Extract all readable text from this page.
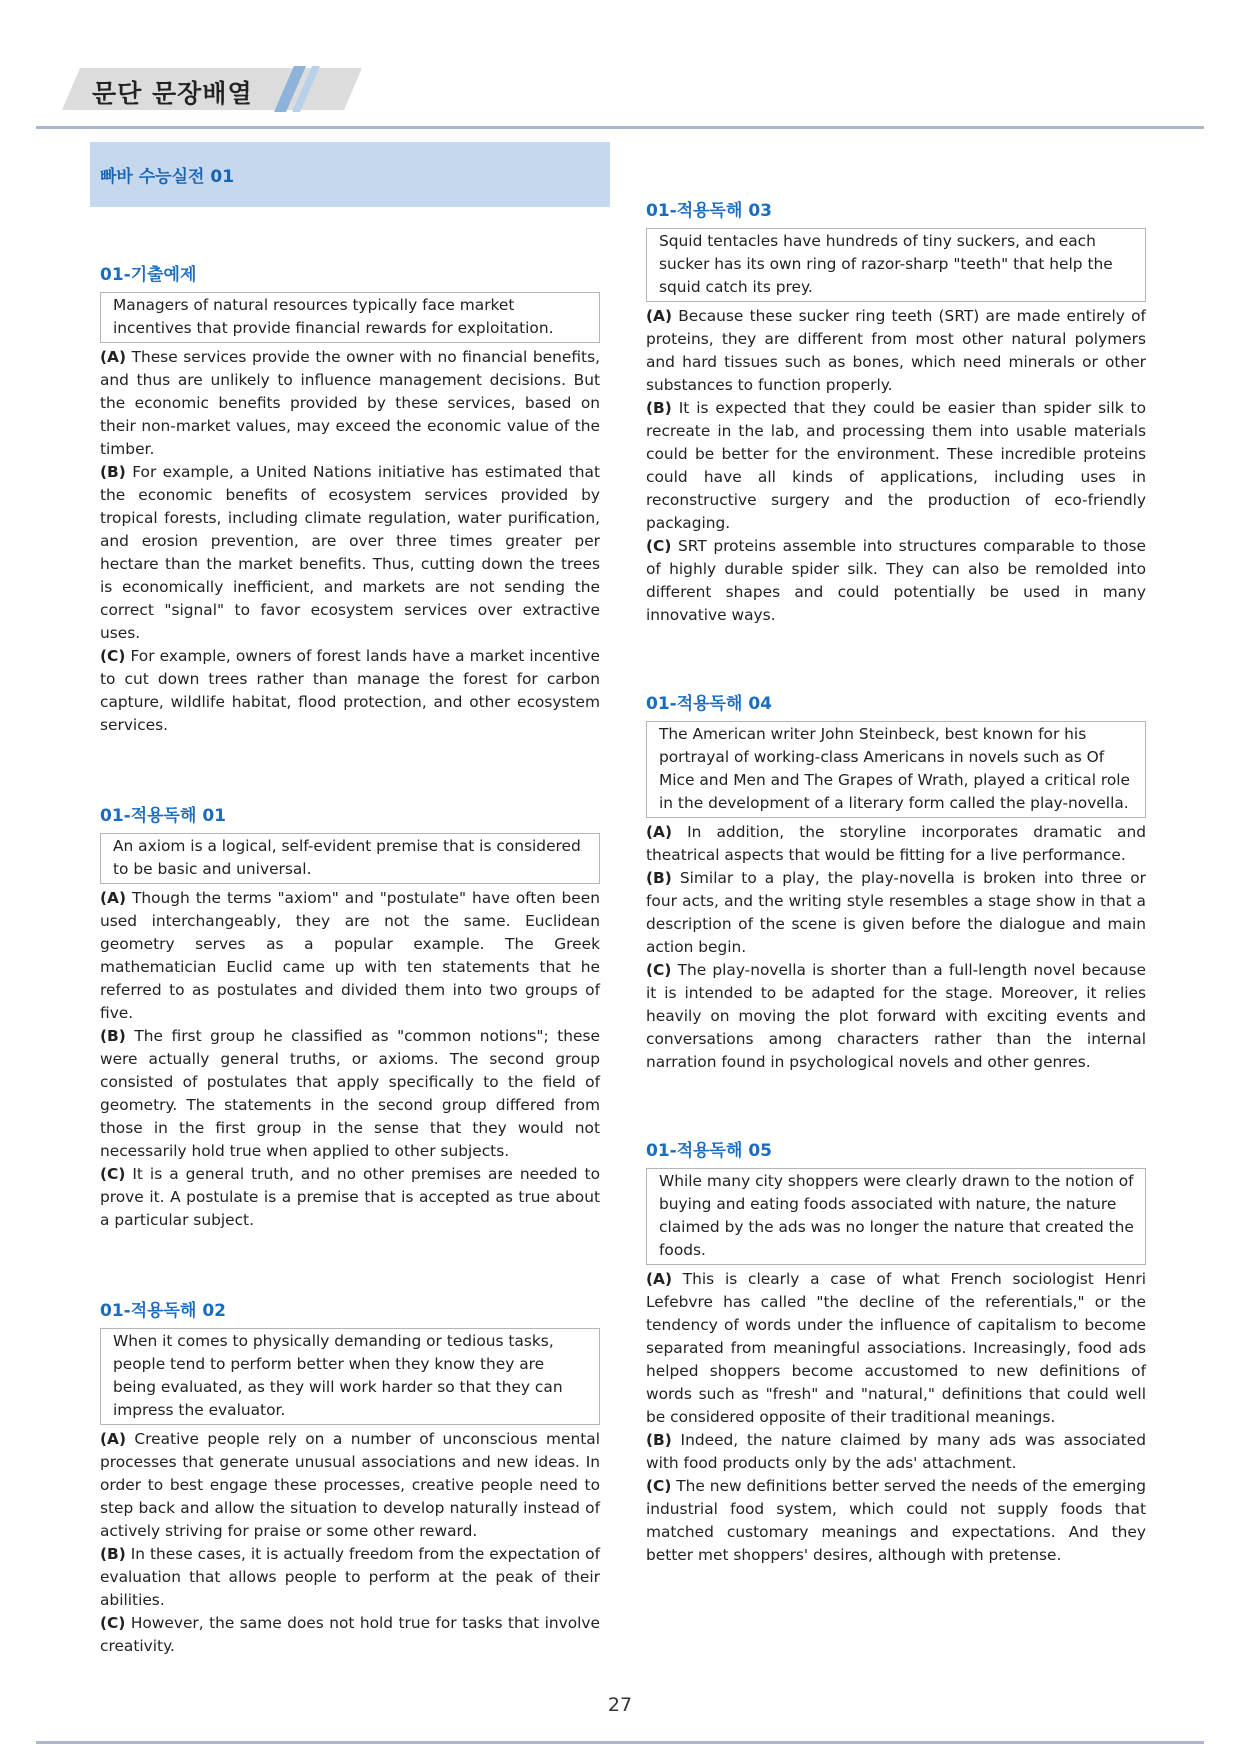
문단 문장배열
빠바 수능실전 01
01-기출예제
Managers of natural resources typically face market incentives that provide financial rewards for exploitation.
(A) These services provide the owner with no financial benefits, and thus are unlikely to influence management decisions. But the economic benefits provided by these services, based on their non-market values, may exceed the economic value of the timber.
(B) For example, a United Nations initiative has estimated that the economic benefits of ecosystem services provided by tropical forests, including climate regulation, water purification, and erosion prevention, are over three times greater per hectare than the market benefits. Thus, cutting down the trees is economically inefficient, and markets are not sending the correct "signal" to favor ecosystem services over extractive uses.
(C) For example, owners of forest lands have a market incentive to cut down trees rather than manage the forest for carbon capture, wildlife habitat, flood protection, and other ecosystem services.
01-적용독해 01
An axiom is a logical, self-evident premise that is considered to be basic and universal.
(A) Though the terms "axiom" and "postulate" have often been used interchangeably, they are not the same. Euclidean geometry serves as a popular example. The Greek mathematician Euclid came up with ten statements that he referred to as postulates and divided them into two groups of five.
(B) The first group he classified as "common notions"; these were actually general truths, or axioms. The second group consisted of postulates that apply specifically to the field of geometry. The statements in the second group differed from those in the first group in the sense that they would not necessarily hold true when applied to other subjects.
(C) It is a general truth, and no other premises are needed to prove it. A postulate is a premise that is accepted as true about a particular subject.
01-적용독해 02
When it comes to physically demanding or tedious tasks, people tend to perform better when they know they are being evaluated, as they will work harder so that they can impress the evaluator.
(A) Creative people rely on a number of unconscious mental processes that generate unusual associations and new ideas. In order to best engage these processes, creative people need to step back and allow the situation to develop naturally instead of actively striving for praise or some other reward.
(B) In these cases, it is actually freedom from the expectation of evaluation that allows people to perform at the peak of their abilities.
(C) However, the same does not hold true for tasks that involve creativity.
01-적용독해 03
Squid tentacles have hundreds of tiny suckers, and each sucker has its own ring of razor-sharp "teeth" that help the squid catch its prey.
(A) Because these sucker ring teeth (SRT) are made entirely of proteins, they are different from most other natural polymers and hard tissues such as bones, which need minerals or other substances to function properly.
(B) It is expected that they could be easier than spider silk to recreate in the lab, and processing them into usable materials could be better for the environment. These incredible proteins could have all kinds of applications, including uses in reconstructive surgery and the production of eco-friendly packaging.
(C) SRT proteins assemble into structures comparable to those of highly durable spider silk. They can also be remolded into different shapes and could potentially be used in many innovative ways.
01-적용독해 04
The American writer John Steinbeck, best known for his portrayal of working-class Americans in novels such as Of Mice and Men and The Grapes of Wrath, played a critical role in the development of a literary form called the play-novella.
(A) In addition, the storyline incorporates dramatic and theatrical aspects that would be fitting for a live performance.
(B) Similar to a play, the play-novella is broken into three or four acts, and the writing style resembles a stage show in that a description of the scene is given before the dialogue and main action begin.
(C) The play-novella is shorter than a full-length novel because it is intended to be adapted for the stage. Moreover, it relies heavily on moving the plot forward with exciting events and conversations among characters rather than the internal narration found in psychological novels and other genres.
01-적용독해 05
While many city shoppers were clearly drawn to the notion of buying and eating foods associated with nature, the nature claimed by the ads was no longer the nature that created the foods.
(A) This is clearly a case of what French sociologist Henri Lefebvre has called "the decline of the referentials," or the tendency of words under the influence of capitalism to become separated from meaningful associations. Increasingly, food ads helped shoppers become accustomed to new definitions of words such as "fresh" and "natural," definitions that could well be considered opposite of their traditional meanings.
(B) Indeed, the nature claimed by many ads was associated with food products only by the ads' attachment.
(C) The new definitions better served the needs of the emerging industrial food system, which could not supply foods that matched customary meanings and expectations. And they better met shoppers' desires, although with pretense.
27
